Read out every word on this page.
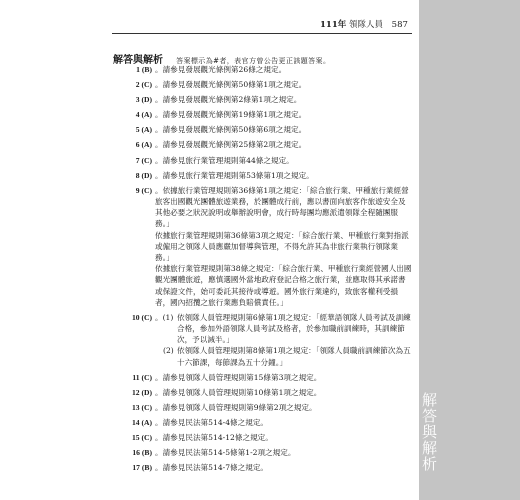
解答與解析
111年 領隊人員 587
解答與解析 答案標示為#者，表官方曾公告更正該題答案。
1 (B) 。請參見發展觀光條例第26條之規定。
2 (C) 。請參見發展觀光條例第50條第1項之規定。
3 (D) 。請參見發展觀光條例第2條第1項之規定。
4 (A) 。請參見發展觀光條例第19條第1項之規定。
5 (A) 。請參見發展觀光條例第50條第6項之規定。
6 (A) 。請參見發展觀光條例第25條第2項之規定。
7 (C) 。請參見旅行業管理規則第44條之規定。
8 (D) 。請參見旅行業管理規則第53條第1項之規定。
9 (C) 。依據旅行業管理規則第36條第1項之規定：「綜合旅行業、甲種旅行業經營旅客出國觀光團體旅遊業務，於團體成行前，應以書面向旅客作旅遊安全及其他必要之狀況說明或舉辦說明會，成行時每團均應派遣領隊全程隨團服務。」

依據旅行業管理規則第36條第3項之規定：「綜合旅行業、甲種旅行業對指派或僱用之領隊人員應嚴加督導與管理，不得允許其為非旅行業執行領隊業務。」

依據旅行業管理規則第38條之規定：「綜合旅行業、甲種旅行業經營國人出國觀光團體旅遊，應慎選國外當地政府登記合格之旅行業，並應取得其承諾書或保證文件，始可委託其接待或導遊。國外旅行業違約，致旅客權利受損者，國內招攬之旅行業應負賠償責任。」

10 (C) 。(1) 依領隊人員管理規則第6條第1項之規定：「經華語領隊人員考試及訓練合格，參加外語領隊人員考試及格者，於參加職前訓練時，其訓練節次，予以減半。」
(2) 依領隊人員管理規則第8條第1項之規定：「領隊人員職前訓練節次為五十六節課，每節課為五十分鐘。」
11 (C) 。請參見領隊人員管理規則第15條第3項之規定。
12 (D) 。請參見領隊人員管理規則第10條第1項之規定。
13 (C) 。請參見領隊人員管理規則第9條第2項之規定。
14 (A) 。請參見民法第514-4條之規定。
15 (C) 。請參見民法第514-12條之規定。
16 (B) 。請參見民法第514-5條第1-2項之規定。
17 (B) 。請參見民法第514-7條之規定。
